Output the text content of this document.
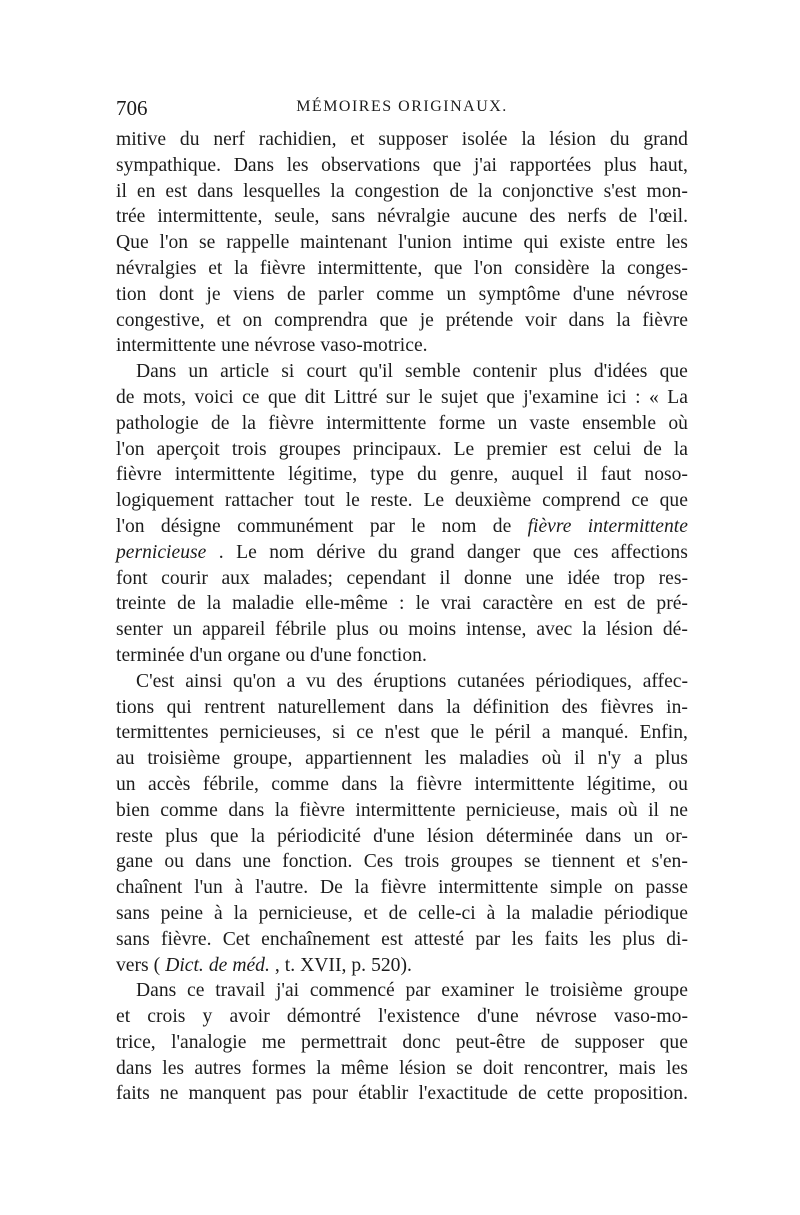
706	MÉMOIRES ORIGINAUX.
mitive du nerf rachidien, et supposer isolée la lésion du grand
sympathique. Dans les observations que j'ai rapportées plus haut,
il en est dans lesquelles la congestion de la conjonctive s'est mon-
trée intermittente, seule, sans névralgie aucune des nerfs de l'œil.
Que l'on se rappelle maintenant l'union intime qui existe entre les
névralgies et la fièvre intermittente, que l'on considère la conges-
tion dont je viens de parler comme un symptôme d'une névrose
congestive, et on comprendra que je prétende voir dans la fièvre
intermittente une névrose vaso-motrice.
Dans un article si court qu'il semble contenir plus d'idées que
de mots, voici ce que dit Littré sur le sujet que j'examine ici : « La
pathologie de la fièvre intermittente forme un vaste ensemble où
l'on aperçoit trois groupes principaux. Le premier est celui de la
fièvre intermittente légitime, type du genre, auquel il faut noso-
logiquement rattacher tout le reste. Le deuxième comprend ce que
l'on désigne communément par le nom de fièvre intermittente
pernicieuse . Le nom dérive du grand danger que ces affections
font courir aux malades; cependant il donne une idée trop res-
treinte de la maladie elle-même : le vrai caractère en est de pré-
senter un appareil fébrile plus ou moins intense, avec la lésion dé-
terminée d'un organe ou d'une fonction.
C'est ainsi qu'on a vu des éruptions cutanées périodiques, affec-
tions qui rentrent naturellement dans la définition des fièvres in-
termittentes pernicieuses, si ce n'est que le péril a manqué. Enfin,
au troisième groupe, appartiennent les maladies où il n'y a plus
un accès fébrile, comme dans la fièvre intermittente légitime, ou
bien comme dans la fièvre intermittente pernicieuse, mais où il ne
reste plus que la périodicité d'une lésion déterminée dans un or-
gane ou dans une fonction. Ces trois groupes se tiennent et s'en-
chaînent l'un à l'autre. De la fièvre intermittente simple on passe
sans peine à la pernicieuse, et de celle-ci à la maladie périodique
sans fièvre. Cet enchaînement est attesté par les faits les plus di-
vers ( Dict. de méd. , t. XVII, p. 520).
Dans ce travail j'ai commencé par examiner le troisième groupe
et crois y avoir démontré l'existence d'une névrose vaso-mo-
trice, l'analogie me permettrait donc peut-être de supposer que
dans les autres formes la même lésion se doit rencontrer, mais les
faits ne manquent pas pour établir l'exactitude de cette proposition.
